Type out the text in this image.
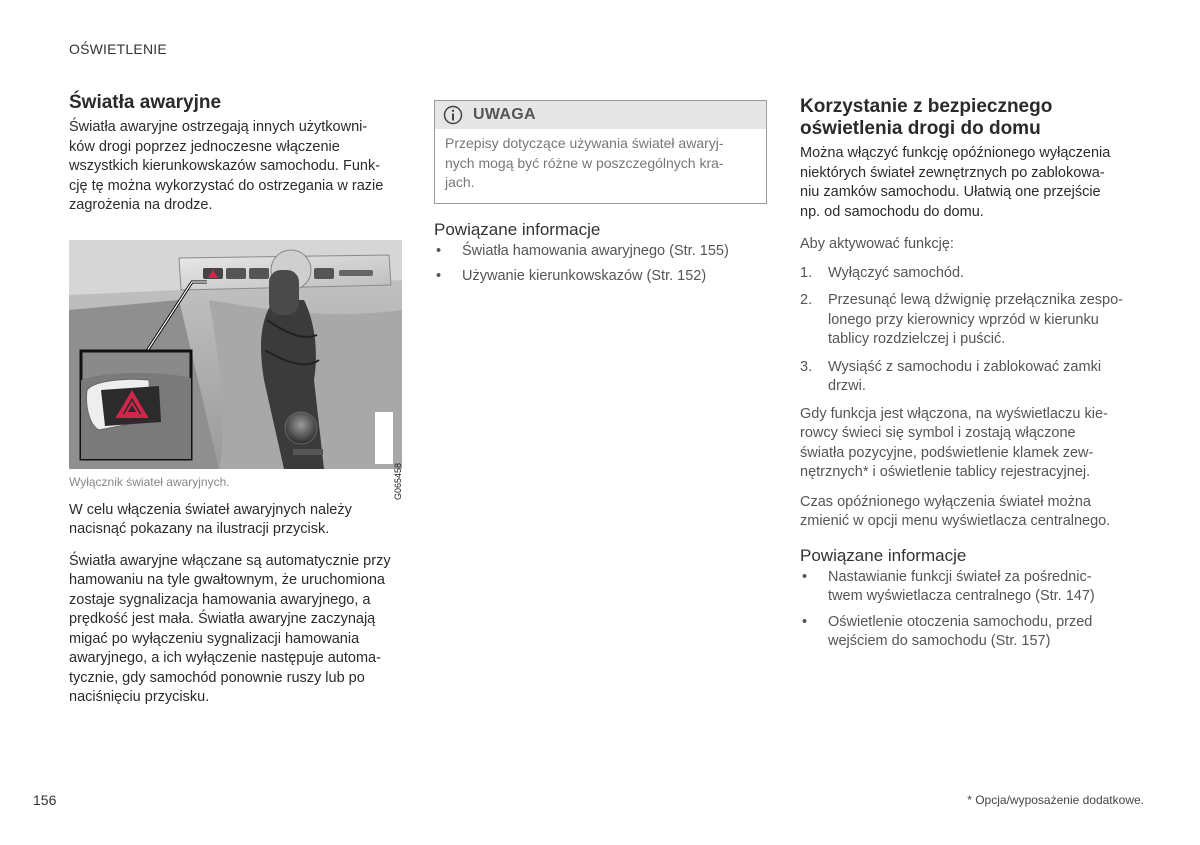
OŚWIETLENIE
Światła awaryjne

Światła awaryjne ostrzegają innych użytkowni-
ków drogi poprzez jednoczesne włączenie
wszystkich kierunkowskazów samochodu. Funk-
cję tę można wykorzystać do ostrzegania w razie
zagrożenia na drodze.

G065458
Wyłącznik świateł awaryjnych.

W celu włączenia świateł awaryjnych należy
nacisnąć pokazany na ilustracji przycisk.

Światła awaryjne włączane są automatycznie przy
hamowaniu na tyle gwałtownym, że uruchomiona
zostaje sygnalizacja hamowania awaryjnego, a
prędkość jest mała. Światła awaryjne zaczynają
migać po wyłączeniu sygnalizacji hamowania
awaryjnego, a ich wyłączenie następuje automa-
tycznie, gdy samochód ponownie ruszy lub po
naciśnięciu przycisku.

UWAGA
Przepisy dotyczące używania świateł awaryj-
nych mogą być różne w poszczególnych kra-
jach.
Powiązane informacje
•	Światła hamowania awaryjnego (Str. 155)
•	Używanie kierunkowskazów (Str. 152)
Korzystanie z bezpiecznego
oświetlenia drogi do domu

Można włączyć funkcję opóźnionego wyłączenia
niektórych świateł zewnętrznych po zablokowa-
niu zamków samochodu. Ułatwią one przejście
np. od samochodu do domu.

Aby aktywować funkcję:

1.	Wyłączyć samochód.
2.	Przesunąć lewą dźwignię przełącznika zespo-
lonego przy kierownicy wprzód w kierunku
tablicy rozdzielczej i puścić.
3.	Wysiąść z samochodu i zablokować zamki
drzwi.

Gdy funkcja jest włączona, na wyświetlaczu kie-
rowcy świeci się symbol i zostają włączone
światła pozycyjne, podświetlenie klamek zew-
nętrznych* i oświetlenie tablicy rejestracyjnej.

Czas opóźnionego wyłączenia świateł można
zmienić w opcji menu wyświetlacza centralnego.

Powiązane informacje
•	Nastawianie funkcji świateł za pośrednic-
twem wyświetlacza centralnego (Str. 147)
•	Oświetlenie otoczenia samochodu, przed
wejściem do samochodu (Str. 157)
156	* Opcja/wyposażenie dodatkowe.
